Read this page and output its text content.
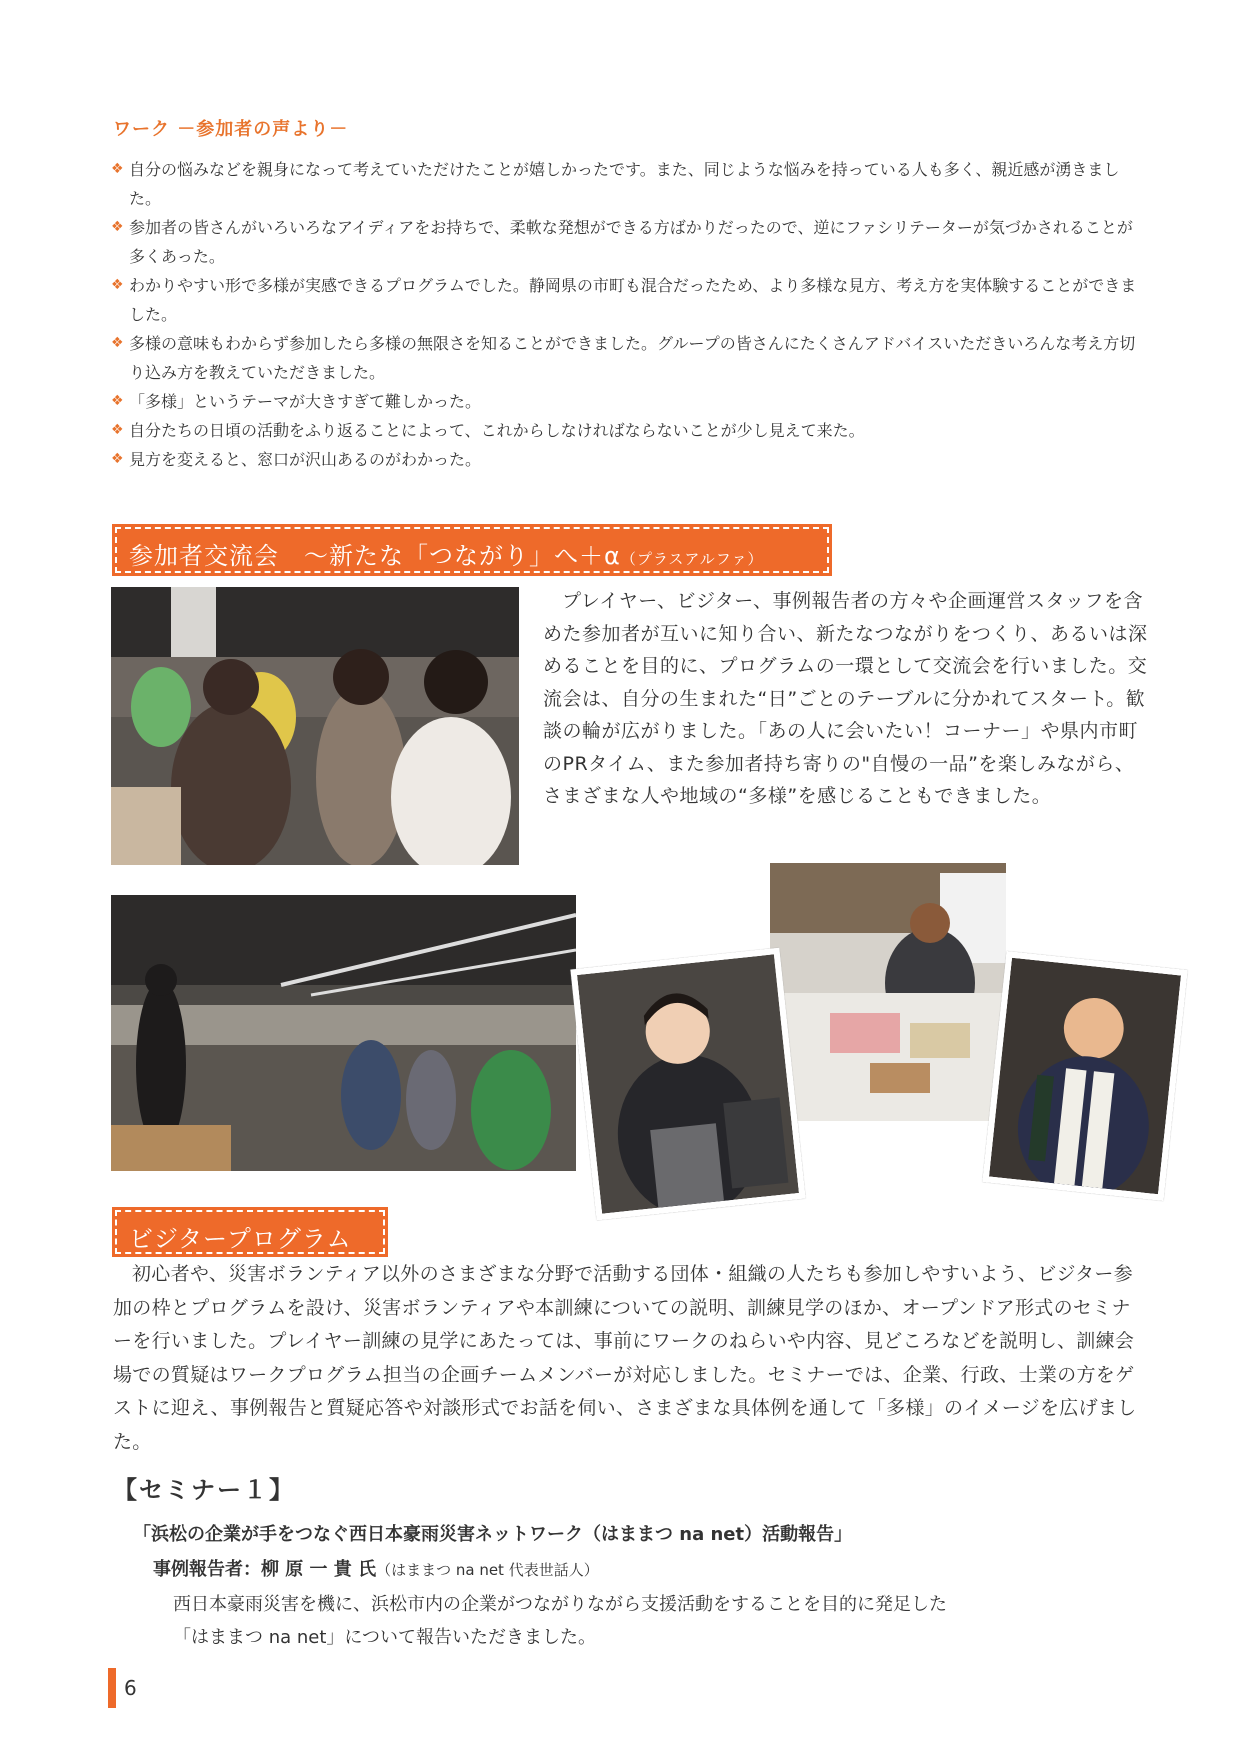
ワーク －参加者の声より－
❖ 自分の悩みなどを親身になって考えていただけたことが嬉しかったです。また、同じような悩みを持っている人も多く、親近感が湧きました。
❖ 参加者の皆さんがいろいろなアイディアをお持ちで、柔軟な発想ができる方ばかりだったので、逆にファシリテーターが気づかされることが多くあった。
❖ わかりやすい形で多様が実感できるプログラムでした。静岡県の市町も混合だったため、より多様な見方、考え方を実体験することができました。
❖ 多様の意味もわからず参加したら多様の無限さを知ることができました。グループの皆さんにたくさんアドバイスいただきいろんな考え方切り込み方を教えていただきました。
❖ 「多様」というテーマが大きすぎて難しかった。
❖ 自分たちの日頃の活動をふり返ることによって、これからしなければならないことが少し見えて来た。
❖ 見方を変えると、窓口が沢山あるのがわかった。
参加者交流会　～新たな「つながり」へ＋α（プラスアルファ）
プレイヤー、ビジター、事例報告者の方々や企画運営スタッフを含めた参加者が互いに知り合い、新たなつながりをつくり、あるいは深めることを目的に、プログラムの一環として交流会を行いました。交流会は、自分の生まれた“日”ごとのテーブルに分かれてスタート。歓談の輪が広がりました。「あの人に会いたい！コーナー」や県内市町のPRタイム、また参加者持ち寄りの"自慢の一品”を楽しみながら、さまざまな人や地域の“多様”を感じることもできました。
ビジタープログラム
初心者や、災害ボランティア以外のさまざまな分野で活動する団体・組織の人たちも参加しやすいよう、ビジター参加の枠とプログラムを設け、災害ボランティアや本訓練についての説明、訓練見学のほか、オープンドア形式のセミナーを行いました。プレイヤー訓練の見学にあたっては、事前にワークのねらいや内容、見どころなどを説明し、訓練会場での質疑はワークプログラム担当の企画チームメンバーが対応しました。セミナーでは、企業、行政、士業の方をゲストに迎え、事例報告と質疑応答や対談形式でお話を伺い、さまざまな具体例を通して「多様」のイメージを広げました。
【セミナー１】
「浜松の企業が手をつなぐ西日本豪雨災害ネットワーク（はままつ na net）活動報告」
事例報告者：柳 原 一 貴 氏（はままつ na net 代表世話人）
西日本豪雨災害を機に、浜松市内の企業がつながりながら支援活動をすることを目的に発足した
「はままつ na net」について報告いただきました。
6
